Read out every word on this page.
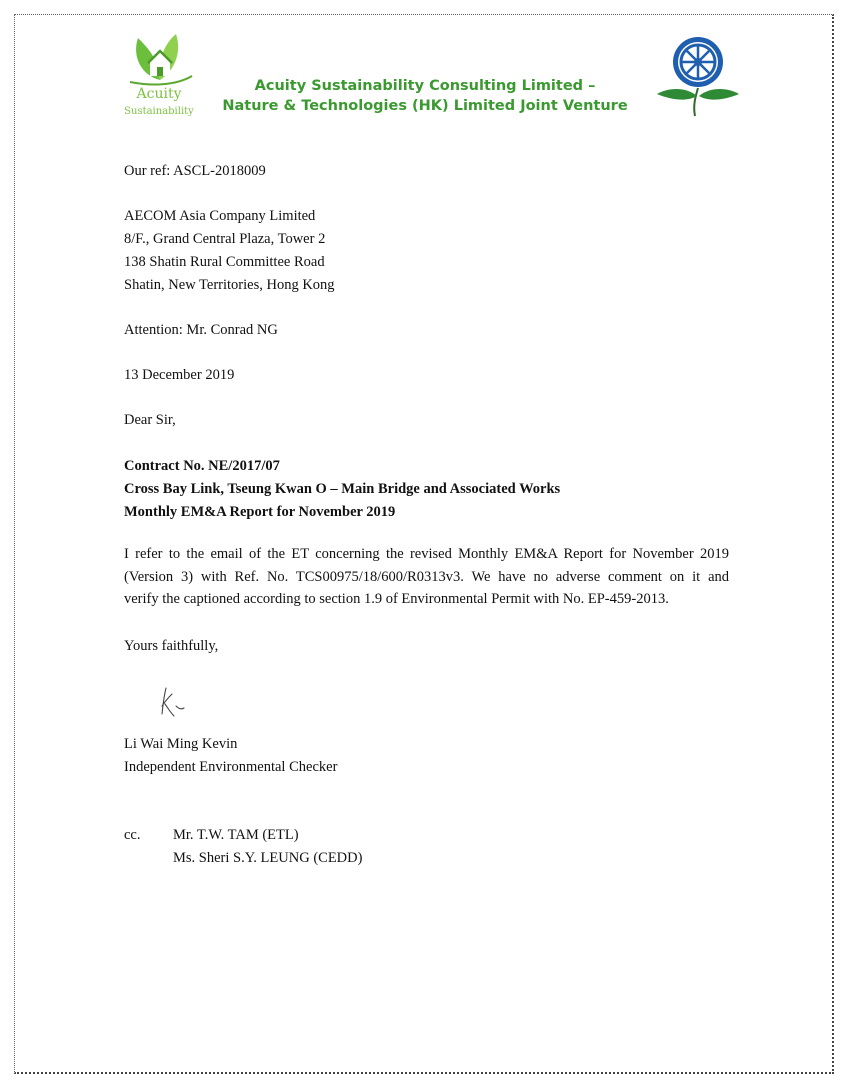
Acuity
Sustainability
Acuity Sustainability Consulting Limited –
Nature & Technologies (HK) Limited Joint Venture
Our ref: ASCL-2018009
AECOM Asia Company Limited
8/F., Grand Central Plaza, Tower 2
138 Shatin Rural Committee Road
Shatin, New Territories, Hong Kong
Attention: Mr. Conrad NG
13 December 2019
Dear Sir,
Contract No. NE/2017/07
Cross Bay Link, Tseung Kwan O – Main Bridge and Associated Works
Monthly EM&A Report for November 2019
I refer to the email of the ET concerning the revised Monthly EM&A Report for November 2019
(Version 3) with Ref. No. TCS00975/18/600/R0313v3. We have no adverse comment on it and
verify the captioned according to section 1.9 of Environmental Permit with No. EP-459-2013.
Yours faithfully,
Li Wai Ming Kevin
Independent Environmental Checker
cc. Mr. T.W. TAM (ETL)
Ms. Sheri S.Y. LEUNG (CEDD)
